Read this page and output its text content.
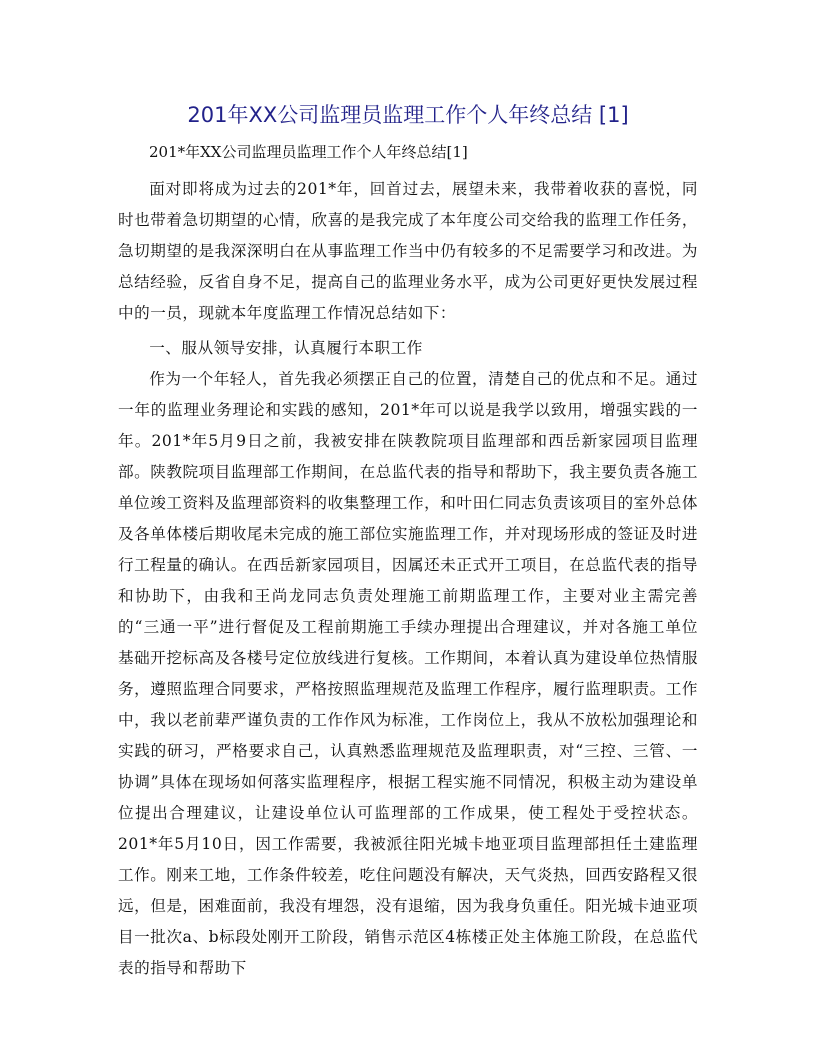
201年XX公司监理员监理工作个人年终总结 [1]

201*年XX公司监理员监理工作个人年终总结[1]

面对即将成为过去的201*年，回首过去，展望未来，我带着收获的喜悦，同时也带着急切期望的心情，欣喜的是我完成了本年度公司交给我的监理工作任务，急切期望的是我深深明白在从事监理工作当中仍有较多的不足需要学习和改进。为总结经验，反省自身不足，提高自己的监理业务水平，成为公司更好更快发展过程中的一员，现就本年度监理工作情况总结如下：

一、服从领导安排，认真履行本职工作

作为一个年轻人，首先我必须摆正自己的位置，清楚自己的优点和不足。通过一年的监理业务理论和实践的感知，201*年可以说是我学以致用，增强实践的一年。201*年5月9日之前，我被安排在陕教院项目监理部和西岳新家园项目监理部。陕教院项目监理部工作期间，在总监代表的指导和帮助下，我主要负责各施工单位竣工资料及监理部资料的收集整理工作，和叶田仁同志负责该项目的室外总体及各单体楼后期收尾未完成的施工部位实施监理工作，并对现场形成的签证及时进行工程量的确认。在西岳新家园项目，因属还未正式开工项目，在总监代表的指导和协助下，由我和王尚龙同志负责处理施工前期监理工作，主要对业主需完善的“三通一平”进行督促及工程前期施工手续办理提出合理建议，并对各施工单位基础开挖标高及各楼号定位放线进行复核。工作期间，本着认真为建设单位热情服务，遵照监理合同要求，严格按照监理规范及监理工作程序，履行监理职责。工作中，我以老前辈严谨负责的工作作风为标准，工作岗位上，我从不放松加强理论和实践的研习，严格要求自己，认真熟悉监理规范及监理职责，对“三控、三管、一协调”具体在现场如何落实监理程序，根据工程实施不同情况，积极主动为建设单位提出合理建议，让建设单位认可监理部的工作成果，使工程处于受控状态。201*年5月10日，因工作需要，我被派往阳光城卡地亚项目监理部担任土建监理工作。刚来工地，工作条件较差，吃住问题没有解决，天气炎热，回西安路程又很远，但是，困难面前，我没有埋怨，没有退缩，因为我身负重任。阳光城卡迪亚项目一批次a、b标段处刚开工阶段，销售示范区4栋楼正处主体施工阶段，在总监代表的指导和帮助下
